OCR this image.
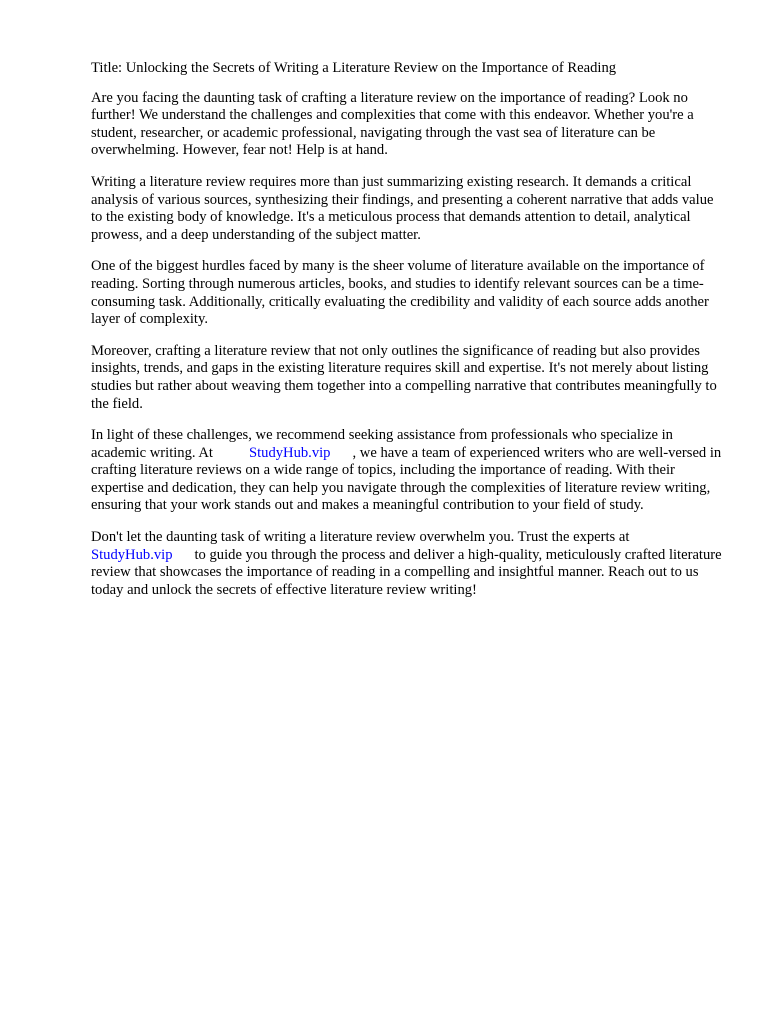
Title: Unlocking the Secrets of Writing a Literature Review on the Importance of Reading

Are you facing the daunting task of crafting a literature review on the importance of reading? Look no further! We understand the challenges and complexities that come with this endeavor. Whether you're a student, researcher, or academic professional, navigating through the vast sea of literature can be overwhelming. However, fear not! Help is at hand.

Writing a literature review requires more than just summarizing existing research. It demands a critical analysis of various sources, synthesizing their findings, and presenting a coherent narrative that adds value to the existing body of knowledge. It's a meticulous process that demands attention to detail, analytical prowess, and a deep understanding of the subject matter.

One of the biggest hurdles faced by many is the sheer volume of literature available on the importance of reading. Sorting through numerous articles, books, and studies to identify relevant sources can be a time-consuming task. Additionally, critically evaluating the credibility and validity of each source adds another layer of complexity.

Moreover, crafting a literature review that not only outlines the significance of reading but also provides insights, trends, and gaps in the existing literature requires skill and expertise. It's not merely about listing studies but rather about weaving them together into a compelling narrative that contributes meaningfully to the field.

In light of these challenges, we recommend seeking assistance from professionals who specialize in academic writing. At StudyHub.vip , we have a team of experienced writers who are well-versed in crafting literature reviews on a wide range of topics, including the importance of reading. With their expertise and dedication, they can help you navigate through the complexities of literature review writing, ensuring that your work stands out and makes a meaningful contribution to your field of study.

Don't let the daunting task of writing a literature review overwhelm you. Trust the experts at StudyHub.vip to guide you through the process and deliver a high-quality, meticulously crafted literature review that showcases the importance of reading in a compelling and insightful manner. Reach out to us today and unlock the secrets of effective literature review writing!
